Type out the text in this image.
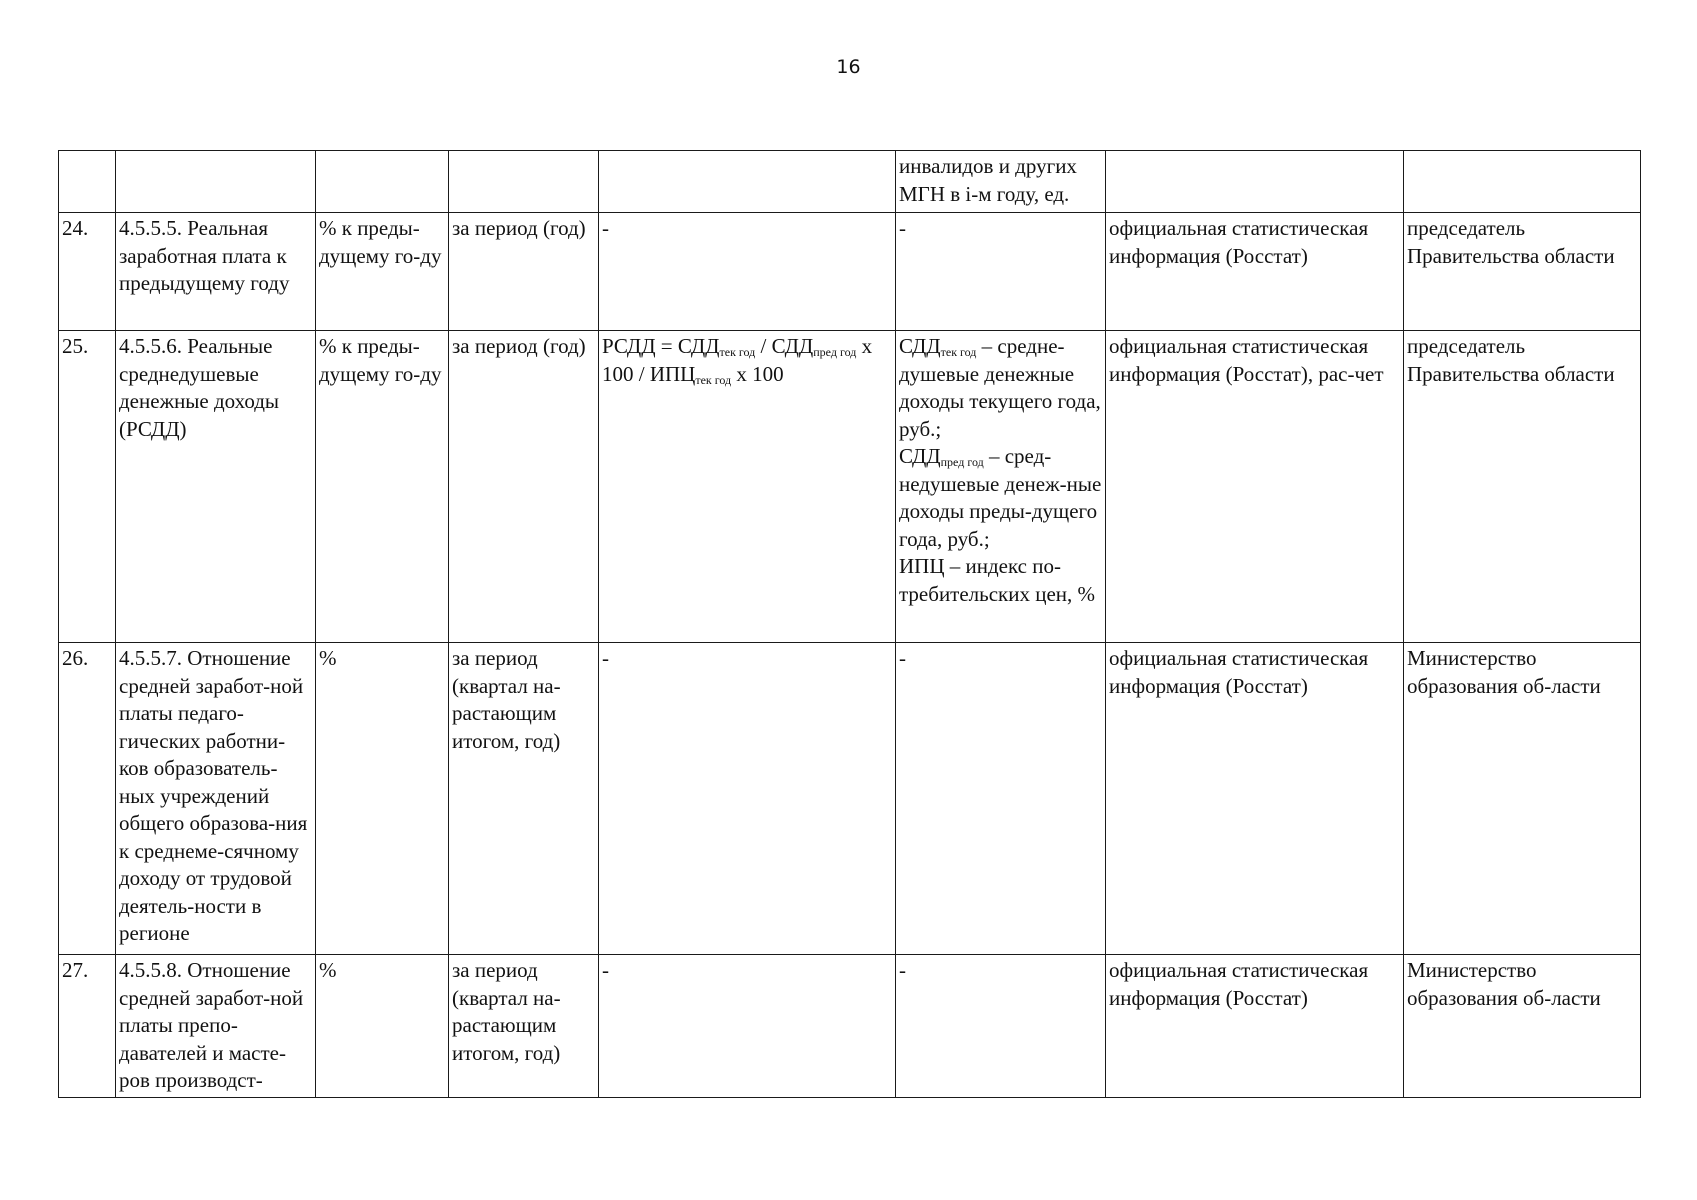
16
					инвалидов и других МГН в i-м году, ед.		
24.	4.5.5.5. Реальная заработная плата к предыдущему году	% к преды-дущему го-ду	за период (год)	-	-	официальная статистическая информация (Росстат)	председатель Правительства области
25.	4.5.5.6. Реальные среднедушевые денежные доходы (РСДД)	% к преды-дущему го-ду	за период (год)	РСДД = $СДД_{тек год} / СДД_{пред год}$ х $100 / ИПЦ_{тек год}$ х 100	$СДД_{тек год}$ – средне-душевые денежные доходы текущего года, руб.;
$СДД_{пред год}$ – сред-недушевые денеж-ные доходы преды-дущего года, руб.;
ИПЦ – индекс по-требительских цен, %	официальная статистическая информация (Росстат), рас-чет	председатель Правительства области
26.	4.5.5.7. Отношение средней заработ-ной платы педаго-гических работни-ков образователь-ных учреждений общего образова-ния к среднеме-сячному доходу от трудовой деятель-ности в регионе	%	за период (квартал на-растающим итогом, год)	-	-	официальная статистическая информация (Росстат)	Министерство образования об-ласти
27.	4.5.5.8. Отношение средней заработ-ной платы препо-давателей и масте-ров производст-	%	за период (квартал на-растающим итогом, год)	-	-	официальная статистическая информация (Росстат)	Министерство образования об-ласти
